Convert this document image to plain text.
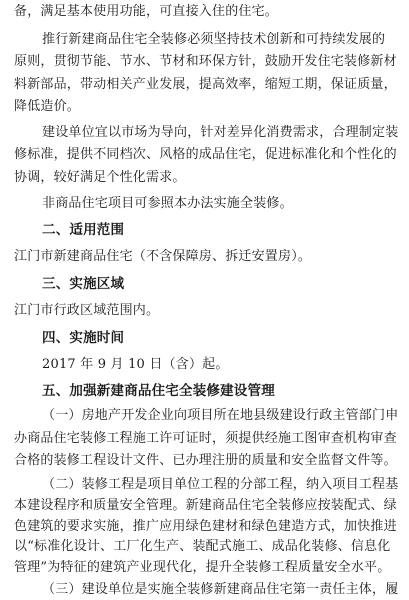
备，满足基本使用功能，可直接入住的住宅。
推行新建商品住宅全装修必须坚持技术创新和可持续发展的
原则，贯彻节能、节水、节材和环保方针，鼓励开发住宅装修新材
料新部品，带动相关产业发展，提高效率，缩短工期，保证质量，
降低造价。
建设单位宜以市场为导向，针对差异化消费需求，合理制定装
修标准，提供不同档次、风格的成品住宅，促进标准化和个性化的
协调，较好满足个性化需求。
非商品住宅项目可参照本办法实施全装修。
二、适用范围
江门市新建商品住宅（不含保障房、拆迁安置房）。
三、实施区域
江门市行政区域范围内。
四、实施时间
2017 年 9 月 10 日（含）起。
五、加强新建商品住宅全装修建设管理
（一）房地产开发企业向项目所在地县级建设行政主管部门申
办商品住宅装修工程施工许可证时，须提供经施工图审查机构审查
合格的装修工程设计文件、已办理注册的质量和安全监督文件等。
（二）装修工程是项目单位工程的分部工程，纳入项目工程基
本建设程序和质量安全管理。新建商品住宅全装修应按装配式、绿
色建筑的要求实施，推广应用绿色建材和绿色建造方式，加快推进
以“标准化设计、工厂化生产、装配式施工、成品化装修、信息化
管理”为特征的建筑产业现代化，提升全装修工程质量安全水平。
（三）建设单位是实施全装修新建商品住宅第一责任主体，履
